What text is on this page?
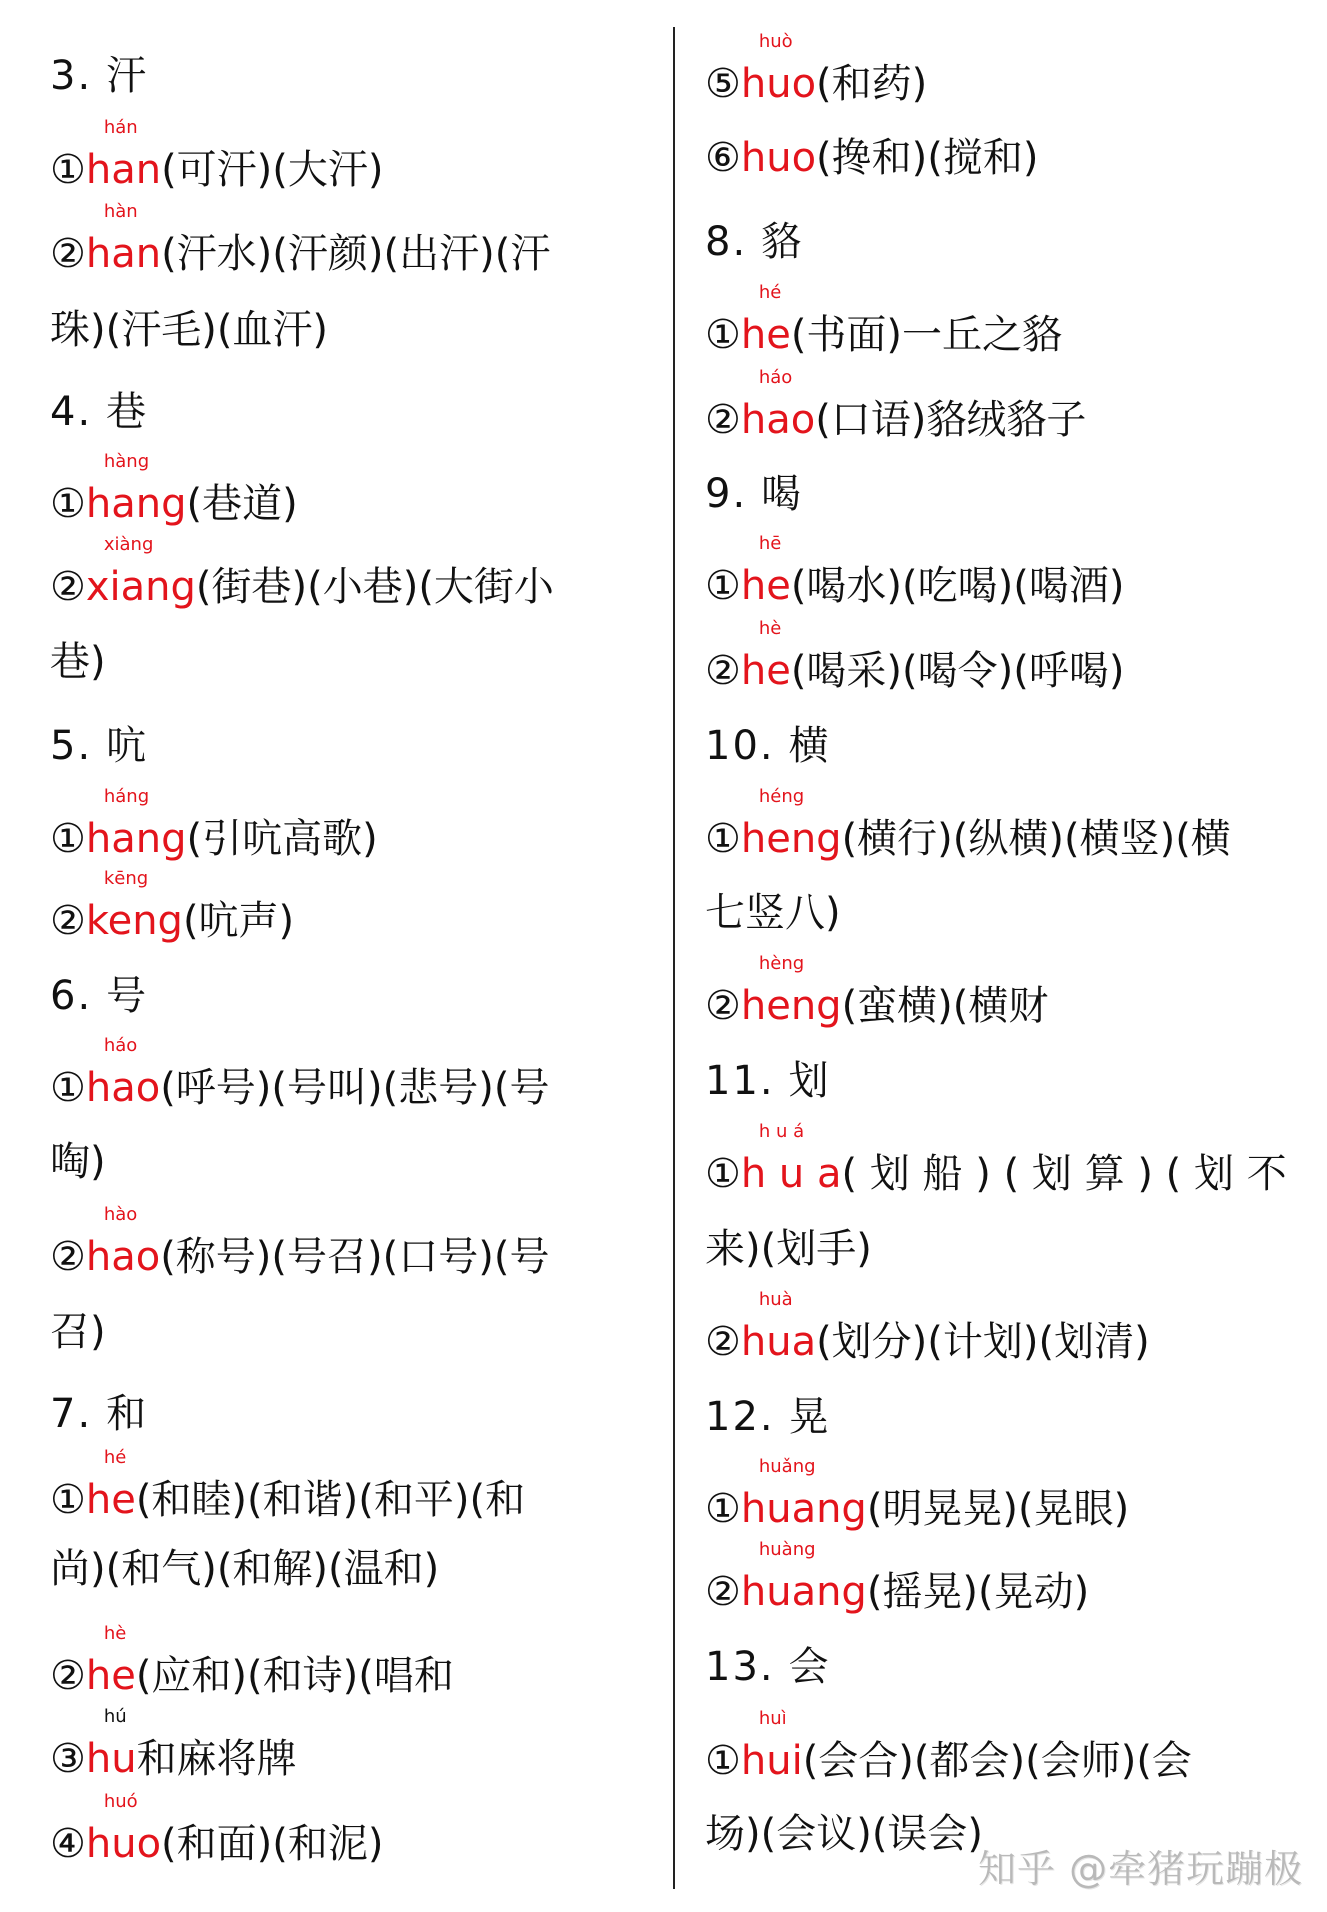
3. 汗
①
hán
han(可汗)(大汗)
②
hàn
han(汗水)(汗颜)(出汗)(汗
珠)(汗毛)(血汗)
4. 巷
①
hàng
hang(巷道)
②
xiàng
xiang(街巷)(小巷)(大街小
巷)
5. 吭
①
háng
hang(引吭高歌)
②
kēng
keng(吭声)
6. 号
①
háo
hao(呼号)(号叫)(悲号)(号
啕)
②
hào
hao(称号)(号召)(口号)(号
召)
7. 和
①
hé
he(和睦)(和谐)(和平)(和
尚)(和气)(和解)(温和)
②
hè
he(应和)(和诗)(唱和
③
hú
hu和麻将牌
④
huó
huo(和面)(和泥)
⑤
huò
huo(和药)
⑥
huo(搀和)(搅和)
8. 貉
①
hé
he(书面)一丘之貉
②
háo
hao(口语)貉绒貉子
9. 喝
①
hē
he(喝水)(吃喝)(喝酒)
②
hè
he(喝采)(喝令)(呼喝)
10. 横
①
héng
heng(横行)(纵横)(横竖)(横
七竖八)
②
hèng
heng(蛮横)(横财
11. 划
①
h u á
h u a( 划 船 ) ( 划 算 ) ( 划 不
来)(划手)
②
huà
hua(划分)(计划)(划清)
12. 晃
①
huǎng
huang(明晃晃)(晃眼)
②
huàng
huang(摇晃)(晃动)
13. 会
①
huì
hui(会合)(都会)(会师)(会
场)(会议)(误会)
知乎 @牵猪玩蹦极
